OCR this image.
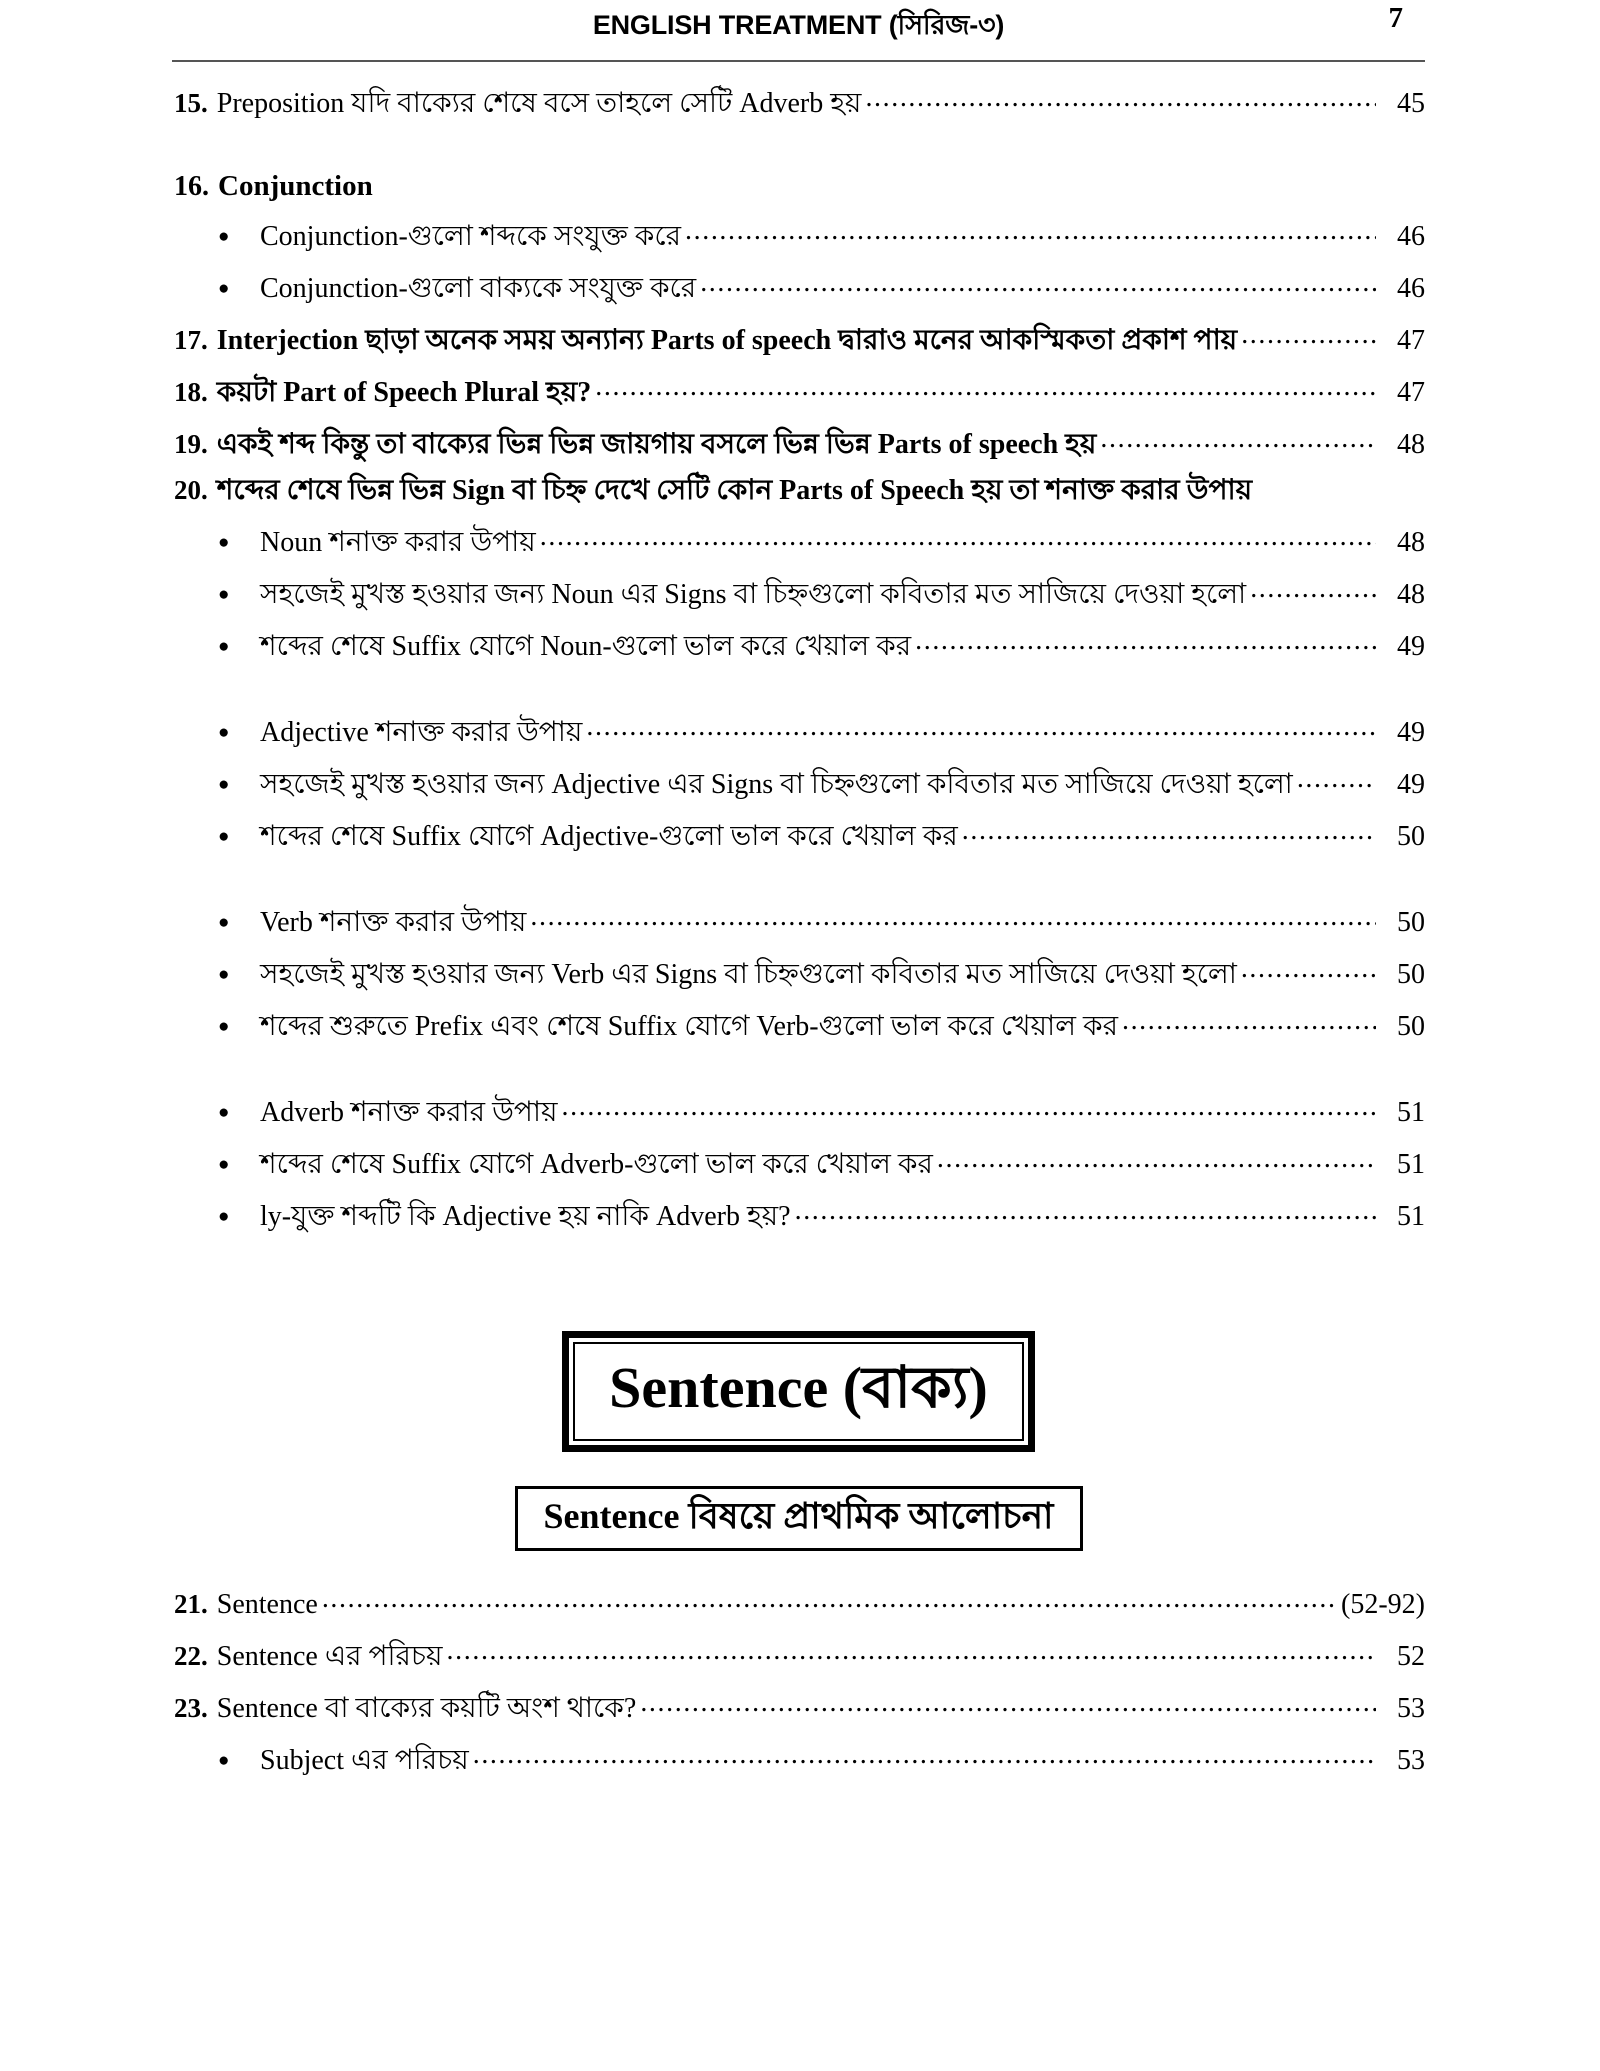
ENGLISH TREATMENT (সিরিজ-৩)	7
15. Preposition যদি বাক্যের শেষে বসে তাহলে সেটি Adverb হয় .....	45
16. Conjunction
●
Conjunction-গুলো শব্দকে সংযুক্ত করে .....	46
●
Conjunction-গুলো বাক্যকে সংযুক্ত করে .....	46
17. Interjection ছাড়া অনেক সময় অন্যান্য Parts of speech দ্বারাও মনের আকস্মিকতা প্রকাশ পায় .....	47
18. কয়টা Part of Speech Plural হয়? .....	47
19. একই শব্দ কিন্তু তা বাক্যের ভিন্ন ভিন্ন জায়গায় বসলে ভিন্ন ভিন্ন Parts of speech হয় .....	48
20. শব্দের শেষে ভিন্ন ভিন্ন Sign বা চিহ্ন দেখে সেটি কোন Parts of Speech হয় তা শনাক্ত করার উপায়
●
Noun শনাক্ত করার উপায় .....	48
●
সহজেই মুখস্ত হওয়ার জন্য Noun এর Signs বা চিহ্নগুলো কবিতার মত সাজিয়ে দেওয়া হলো .....	48
●
শব্দের শেষে Suffix যোগে Noun-গুলো ভাল করে খেয়াল কর .....	49
●
Adjective শনাক্ত করার উপায় .....	49
●
সহজেই মুখস্ত হওয়ার জন্য Adjective এর Signs বা চিহ্নগুলো কবিতার মত সাজিয়ে দেওয়া হলো .....	49
●
শব্দের শেষে Suffix যোগে Adjective-গুলো ভাল করে খেয়াল কর .....	50
●
Verb শনাক্ত করার উপায় .....	50
●
সহজেই মুখস্ত হওয়ার জন্য Verb এর Signs বা চিহ্নগুলো কবিতার মত সাজিয়ে দেওয়া হলো .....	50
●
শব্দের শুরুতে Prefix এবং শেষে Suffix যোগে Verb-গুলো ভাল করে খেয়াল কর .....	50
●
Adverb শনাক্ত করার উপায় .....	51
●
শব্দের শেষে Suffix যোগে Adverb-গুলো ভাল করে খেয়াল কর .....	51
●
ly-যুক্ত শব্দটি কি Adjective হয় নাকি Adverb হয়? .....	51
Sentence (বাক্য)
Sentence বিষয়ে প্রাথমিক আলোচনা
21. Sentence .....	(52-92)
22. Sentence এর পরিচয় .....	52
23. Sentence বা বাক্যের কয়টি অংশ থাকে? .....	53
●
Subject এর পরিচয় .....	53
